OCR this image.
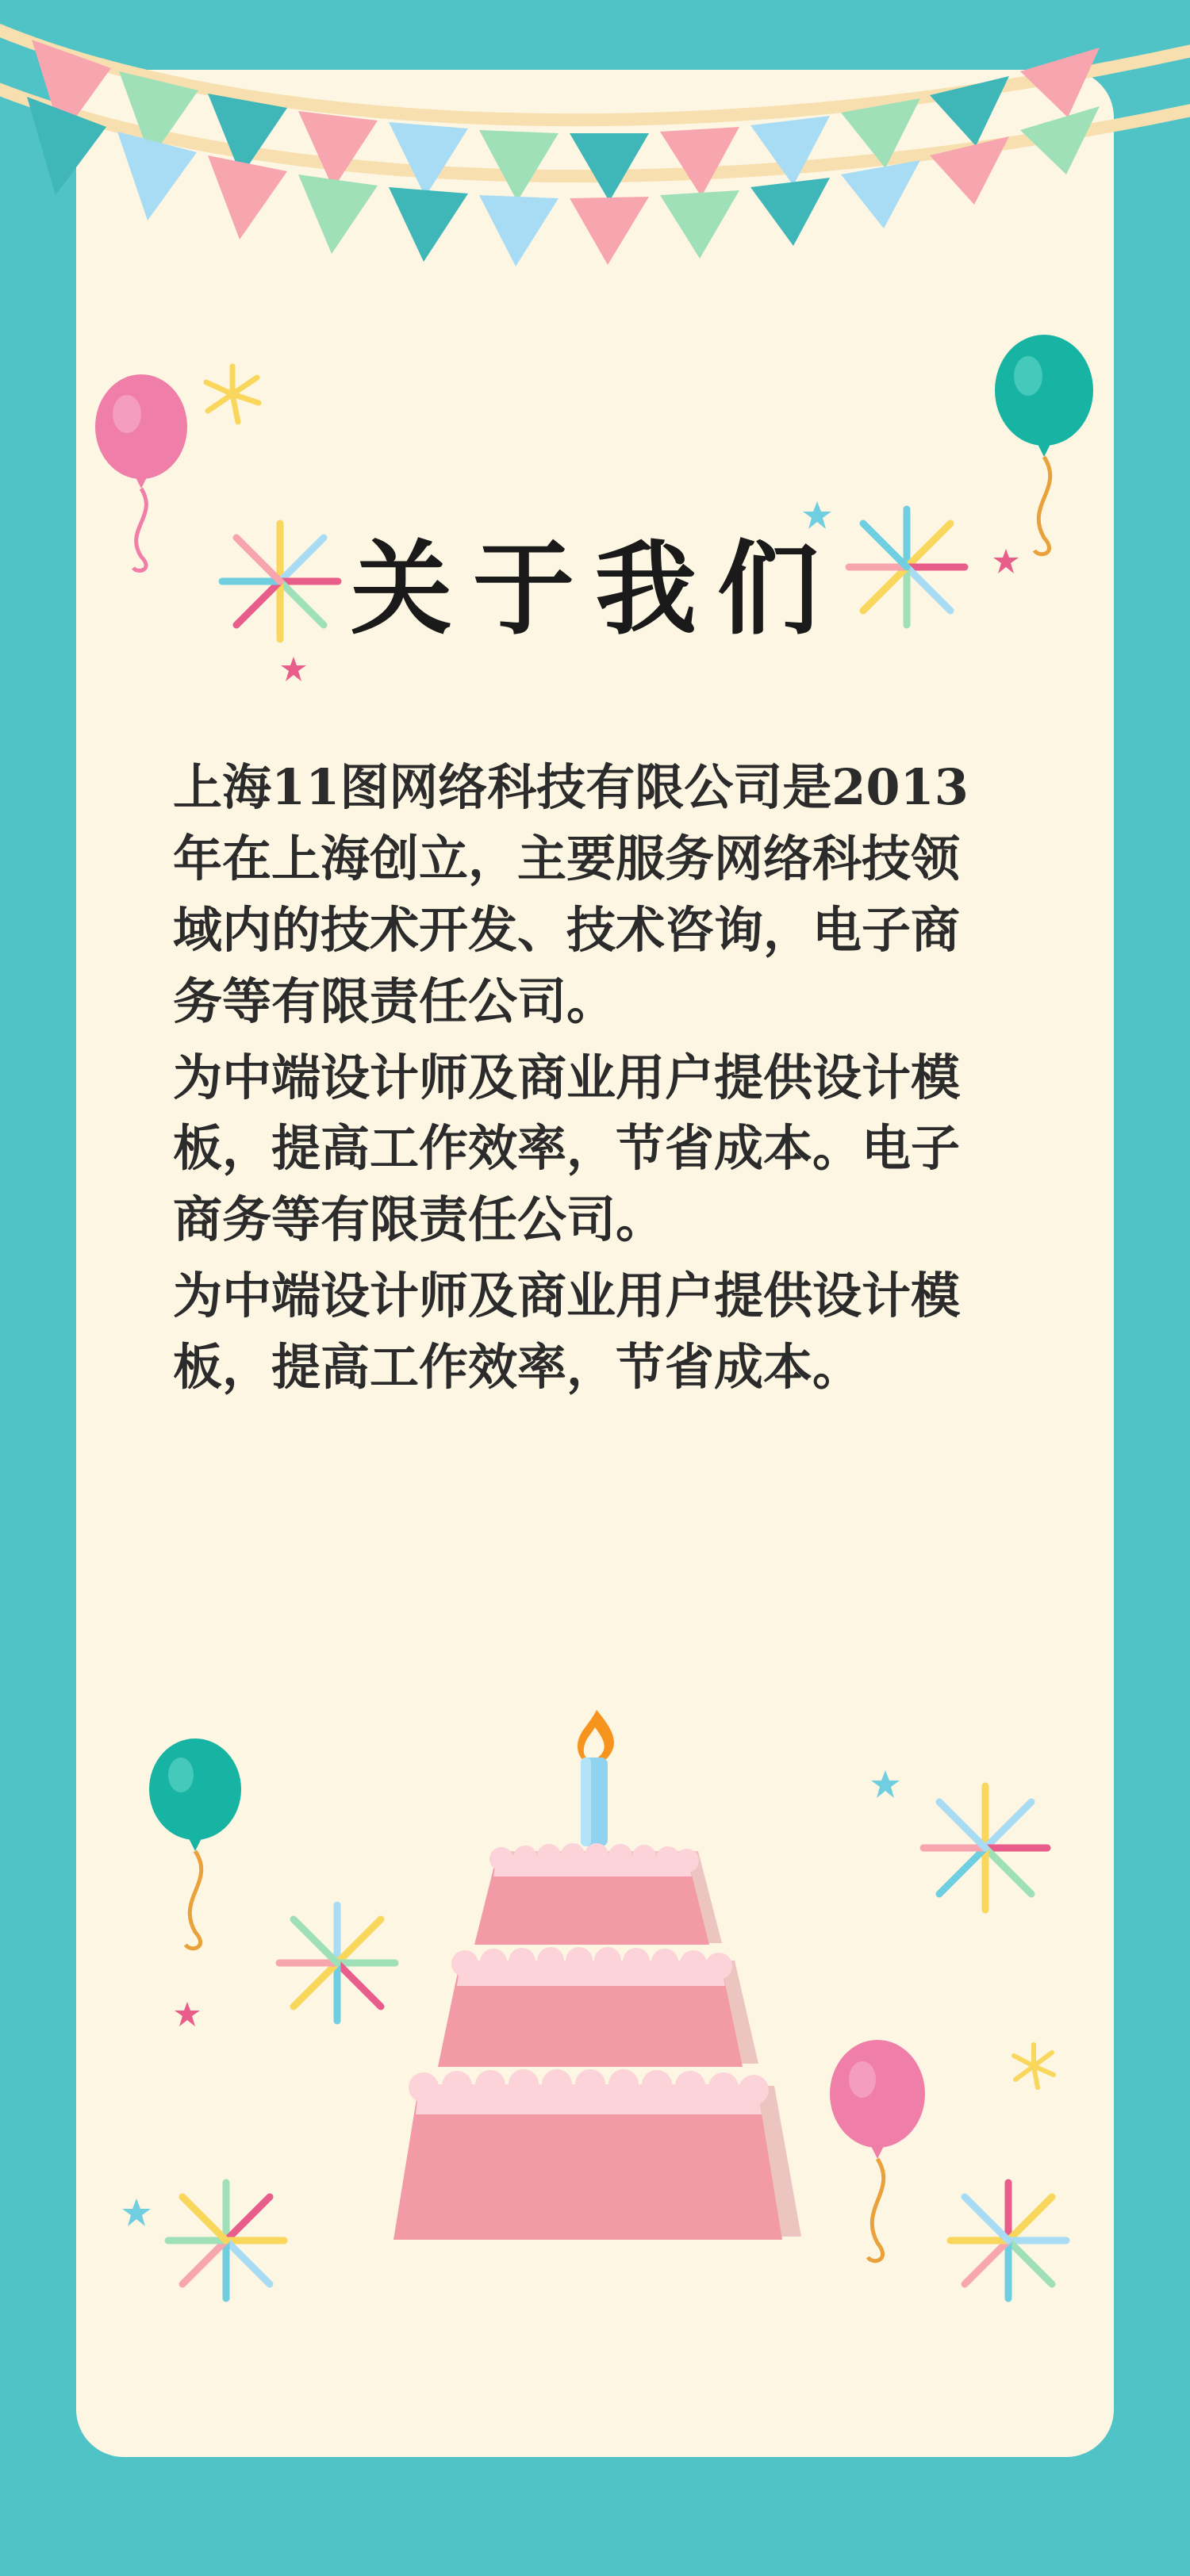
关于我们

上海11图网络科技有限公司是2013年在上海创立，主要服务网络科技领域内的技术开发、技术咨询，电子商务等有限责任公司。

为中端设计师及商业用户提供设计模板，提高工作效率，节省成本。电子商务等有限责任公司。

为中端设计师及商业用户提供设计模板，提高工作效率，节省成本。
